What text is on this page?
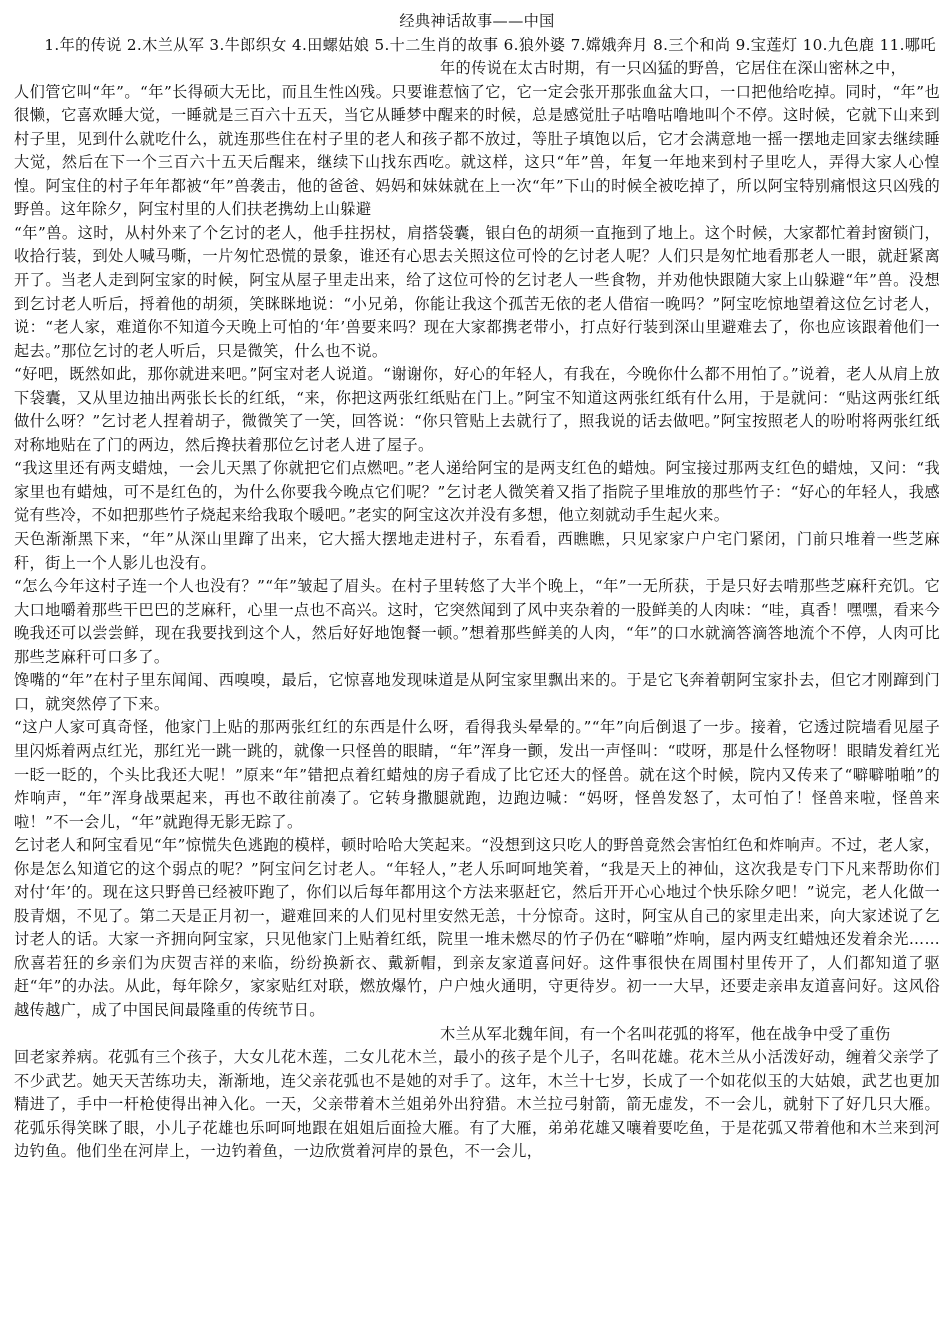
经典神话故事——中国

1.年的传说 2.木兰从军 3.牛郎织女 4.田螺姑娘 5.十二生肖的故事 6.狼外婆 7.嫦娥奔月 8.三个和尚 9.宝莲灯 10.九色鹿 11.哪吒

年的传说在太古时期，有一只凶猛的野兽，它居住在深山密林之中，

人们管它叫“年”。“年”长得硕大无比，而且生性凶残。只要谁惹恼了它，它一定会张开那张血盆大口，一口把他给吃掉。同时，“年”也很懒，它喜欢睡大觉，一睡就是三百六十五天，当它从睡梦中醒来的时候，总是感觉肚子咕噜咕噜地叫个不停。这时候，它就下山来到村子里，见到什么就吃什么，就连那些住在村子里的老人和孩子都不放过，等肚子填饱以后，它才会满意地一摇一摆地走回家去继续睡大觉，然后在下一个三百六十五天后醒来，继续下山找东西吃。就这样，这只“年”兽，年复一年地来到村子里吃人，弄得大家人心惶惶。阿宝住的村子年年都被“年”兽袭击，他的爸爸、妈妈和妹妹就在上一次“年”下山的时候全被吃掉了，所以阿宝特别痛恨这只凶残的野兽。这年除夕，阿宝村里的人们扶老携幼上山躲避

“年”兽。这时，从村外来了个乞讨的老人，他手拄拐杖，肩搭袋囊，银白色的胡须一直拖到了地上。这个时候，大家都忙着封窗锁门，收拾行装，到处人喊马嘶，一片匆忙恐慌的景象，谁还有心思去关照这位可怜的乞讨老人呢？人们只是匆忙地看那老人一眼，就赶紧离开了。当老人走到阿宝家的时候，阿宝从屋子里走出来，给了这位可怜的乞讨老人一些食物，并劝他快跟随大家上山躲避“年”兽。没想到乞讨老人听后，捋着他的胡须，笑眯眯地说：“小兄弟，你能让我这个孤苦无依的老人借宿一晚吗？”阿宝吃惊地望着这位乞讨老人，说：“老人家，难道你不知道今天晚上可怕的‘年’兽要来吗？现在大家都携老带小，打点好行装到深山里避难去了，你也应该跟着他们一起去。”那位乞讨的老人听后，只是微笑，什么也不说。

“好吧，既然如此，那你就进来吧。”阿宝对老人说道。“谢谢你，好心的年轻人，有我在，今晚你什么都不用怕了。”说着，老人从肩上放下袋囊，又从里边抽出两张长长的红纸，“来，你把这两张红纸贴在门上。”阿宝不知道这两张红纸有什么用，于是就问：“贴这两张红纸做什么呀？”乞讨老人捏着胡子，微微笑了一笑，回答说：“你只管贴上去就行了，照我说的话去做吧。”阿宝按照老人的吩咐将两张红纸对称地贴在了门的两边，然后搀扶着那位乞讨老人进了屋子。

“我这里还有两支蜡烛，一会儿天黑了你就把它们点燃吧。”老人递给阿宝的是两支红色的蜡烛。阿宝接过那两支红色的蜡烛，又问：“我家里也有蜡烛，可不是红色的，为什么你要我今晚点它们呢？”乞讨老人微笑着又指了指院子里堆放的那些竹子：“好心的年轻人，我感觉有些冷，不如把那些竹子烧起来给我取个暖吧。”老实的阿宝这次并没有多想，他立刻就动手生起火来。

天色渐渐黑下来，“年”从深山里蹿了出来，它大摇大摆地走进村子，东看看，西瞧瞧，只见家家户户宅门紧闭，门前只堆着一些芝麻秆，街上一个人影儿也没有。

“怎么今年这村子连一个人也没有？”“年”皱起了眉头。在村子里转悠了大半个晚上，“年”一无所获，于是只好去啃那些芝麻秆充饥。它大口地嚼着那些干巴巴的芝麻秆，心里一点也不高兴。这时，它突然闻到了风中夹杂着的一股鲜美的人肉味：“哇，真香！嘿嘿，看来今晚我还可以尝尝鲜，现在我要找到这个人，然后好好地饱餐一顿。”想着那些鲜美的人肉，“年”的口水就滴答滴答地流个不停，人肉可比那些芝麻秆可口多了。

馋嘴的“年”在村子里东闻闻、西嗅嗅，最后，它惊喜地发现味道是从阿宝家里飘出来的。于是它飞奔着朝阿宝家扑去，但它才刚蹿到门口，就突然停了下来。

“这户人家可真奇怪，他家门上贴的那两张红红的东西是什么呀，看得我头晕晕的。”“年”向后倒退了一步。接着，它透过院墙看见屋子里闪烁着两点红光，那红光一跳一跳的，就像一只怪兽的眼睛，“年”浑身一颤，发出一声怪叫：“哎呀，那是什么怪物呀！眼睛发着红光一眨一眨的，个头比我还大呢！”原来“年”错把点着红蜡烛的房子看成了比它还大的怪兽。就在这个时候，院内又传来了“噼噼啪啪”的炸响声，“年”浑身战栗起来，再也不敢往前凑了。它转身撒腿就跑，边跑边喊：“妈呀，怪兽发怒了，太可怕了！怪兽来啦，怪兽来啦！”不一会儿，“年”就跑得无影无踪了。

乞讨老人和阿宝看见“年”惊慌失色逃跑的模样，顿时哈哈大笑起来。“没想到这只吃人的野兽竟然会害怕红色和炸响声。不过，老人家，你是怎么知道它的这个弱点的呢？”阿宝问乞讨老人。“年轻人，”老人乐呵呵地笑着，“我是天上的神仙，这次我是专门下凡来帮助你们对付‘年’的。现在这只野兽已经被吓跑了，你们以后每年都用这个方法来驱赶它，然后开开心心地过个快乐除夕吧！”说完，老人化做一股青烟，不见了。第二天是正月初一，避难回来的人们见村里安然无恙，十分惊奇。这时，阿宝从自己的家里走出来，向大家述说了乞讨老人的话。大家一齐拥向阿宝家，只见他家门上贴着红纸，院里一堆未燃尽的竹子仍在“噼啪”炸响，屋内两支红蜡烛还发着余光……欣喜若狂的乡亲们为庆贺吉祥的来临，纷纷换新衣、戴新帽，到亲友家道喜问好。这件事很快在周围村里传开了，人们都知道了驱赶“年”的办法。从此，每年除夕，家家贴红对联，燃放爆竹，户户烛火通明，守更待岁。初一一大早，还要走亲串友道喜问好。这风俗越传越广，成了中国民间最隆重的传统节日。

木兰从军北魏年间，有一个名叫花弧的将军，他在战争中受了重伤

回老家养病。花弧有三个孩子，大女儿花木莲，二女儿花木兰，最小的孩子是个儿子，名叫花雄。花木兰从小活泼好动，缠着父亲学了不少武艺。她天天苦练功夫，渐渐地，连父亲花弧也不是她的对手了。这年，木兰十七岁，长成了一个如花似玉的大姑娘，武艺也更加精进了，手中一杆枪使得出神入化。一天，父亲带着木兰姐弟外出狩猎。木兰拉弓射箭，箭无虚发，不一会儿，就射下了好几只大雁。花弧乐得笑眯了眼，小儿子花雄也乐呵呵地跟在姐姐后面捡大雁。有了大雁，弟弟花雄又嚷着要吃鱼，于是花弧又带着他和木兰来到河边钓鱼。他们坐在河岸上，一边钓着鱼，一边欣赏着河岸的景色，不一会儿，
